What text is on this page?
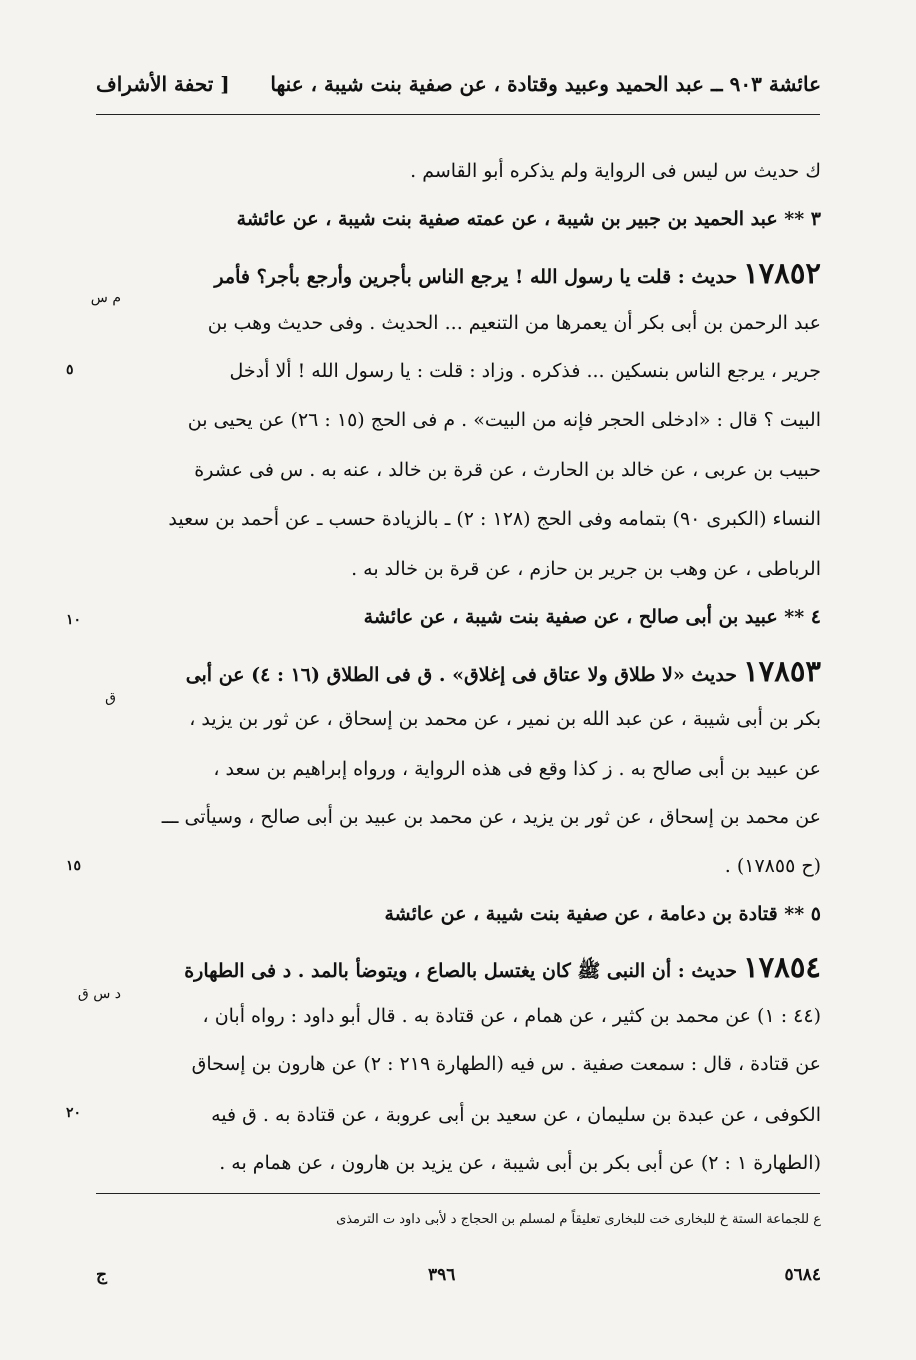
عائشة ٩٠٣ ــ عبد الحميد وعبيد وقتادة ، عن صفية بنت شيبة ، عنها
[ تحفة الأشراف
ك حديث س ليس فى الرواية ولم يذكره أبو القاسم .
٣ ** عبد الحميد بن جبير بن شيبة ، عن عمته صفية بنت شيبة ، عن عائشة
١٧٨٥٢ حديث : قلت يا رسول الله ! يرجع الناس بأجرين وأرجع بأجر؟ فأمر
عبد الرحمن بن أبى بكر أن يعمرها من التنعيم ... الحديث . وفى حديث وهب بن
جرير ، يرجع الناس بنسكين ... فذكره . وزاد : قلت : يا رسول الله ! ألا أدخل
البيت ؟ قال : «ادخلى الحجر فإنه من البيت» . م فى الحج (١٥ : ٢٦) عن يحيى بن
حبيب بن عربى ، عن خالد بن الحارث ، عن قرة بن خالد ، عنه به . س فى عشرة
النساء (الكبرى ٩٠) بتمامه وفى الحج (١٢٨ : ٢) ـ بالزيادة حسب ـ عن أحمد بن سعيد
الرباطى ، عن وهب بن جرير بن حازم ، عن قرة بن خالد به .
٤ ** عبيد بن أبى صالح ، عن صفية بنت شيبة ، عن عائشة
١٧٨٥٣ حديث «لا طلاق ولا عتاق فى إغلاق» . ق فى الطلاق (١٦ : ٤) عن أبى
بكر بن أبى شيبة ، عن عبد الله بن نمير ، عن محمد بن إسحاق ، عن ثور بن يزيد ،
عن عبيد بن أبى صالح به . ز كذا وقع فى هذه الرواية ، ورواه إبراهيم بن سعد ،
عن محمد بن إسحاق ، عن ثور بن يزيد ، عن محمد بن عبيد بن أبى صالح ، وسيأتى ـــ
(ح ١٧٨٥٥) .
٥ ** قتادة بن دعامة ، عن صفية بنت شيبة ، عن عائشة
١٧٨٥٤ حديث : أن النبى ﷺ كان يغتسل بالصاع ، ويتوضأ بالمد . د فى الطهارة
(٤٤ : ١) عن محمد بن كثير ، عن همام ، عن قتادة به . قال أبو داود : رواه أبان ،
عن قتادة ، قال : سمعت صفية . س فيه (الطهارة ٢١٩ : ٢) عن هارون بن إسحاق
الكوفى ، عن عبدة بن سليمان ، عن سعيد بن أبى عروبة ، عن قتادة به . ق فيه
(الطهارة ١ : ٢) عن أبى بكر بن أبى شيبة ، عن يزيد بن هارون ، عن همام به .
٥
١٠
١٥
٢٠
م س
ق
د س ق
ع للجماعة الستة خ للبخارى خت للبخارى تعليقاً م لمسلم بن الحجاج د لأبى داود ت الترمذى
ج	٣٩٦	٥٦٨٤
